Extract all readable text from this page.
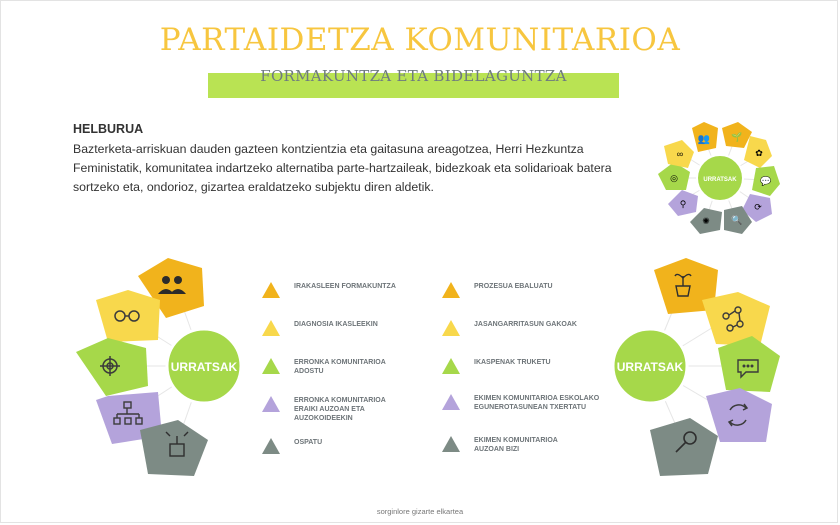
PARTAIDETZA KOMUNITARIOA
FORMAKUNTZA ETA BIDELAGUNTZA
HELBURUA
Bazterketa-arriskuan dauden gazteen kontzientzia eta gaitasuna areagotzea, Herri Hezkuntza Feministatik, komunitatea indartzeko alternatiba parte-hartzaileak, bidezkoak eta solidarioak batera sortzeko eta, ondorioz, gizartea eraldatzeko subjektu diren aldetik.
👥 🌱
✿
💬
⟳
🔍
✺
⚲
◎
∞
URRATSAK
URRATSAK	URRATSAK
IRAKASLEEN FORMAKUNTZA
DIAGNOSIA IKASLEEKIN
ERRONKA KOMUNITARIOA ADOSTU
ERRONKA KOMUNITARIOA ERAIKI AUZOAN ETA AUZOKOIDEEKIN
OSPATU
PROZESUA EBALUATU
JASANGARRITASUN GAKOAK
IKASPENAK TRUKETU
EKIMEN KOMUNITARIOA ESKOLAKO EGUNEROTASUNEAN TXERTATU
EKIMEN KOMUNITARIOA AUZOAN BIZI
sorginlore gizarte elkartea
